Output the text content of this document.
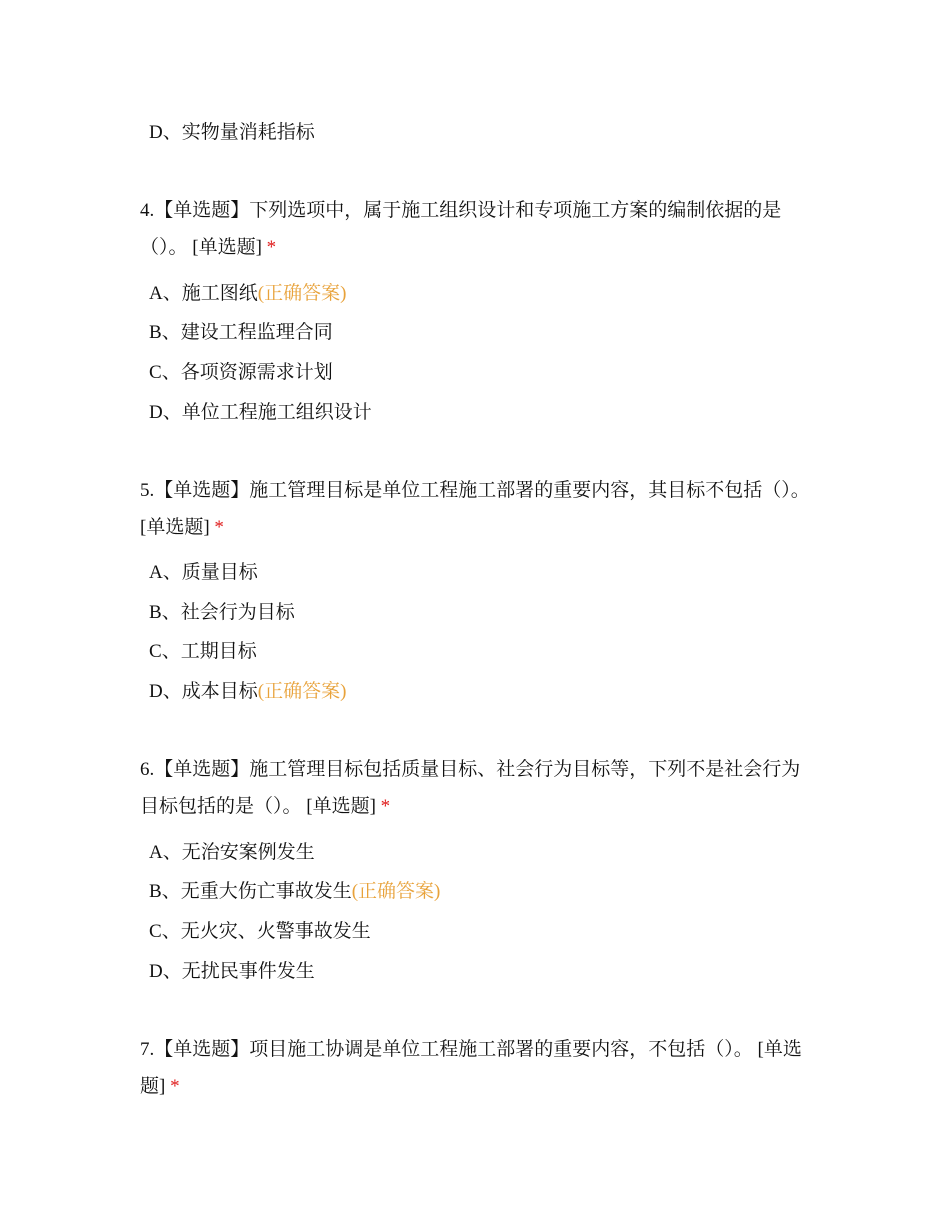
D、实物量消耗指标
4.【单选题】下列选项中，属于施工组织设计和专项施工方案的编制依据的是（）。 [单选题] *
A、施工图纸(正确答案)
B、建设工程监理合同
C、各项资源需求计划
D、单位工程施工组织设计
5.【单选题】施工管理目标是单位工程施工部署的重要内容，其目标不包括（）。 [单选题] *
A、质量目标
B、社会行为目标
C、工期目标
D、成本目标(正确答案)
6.【单选题】施工管理目标包括质量目标、社会行为目标等，下列不是社会行为目标包括的是（）。 [单选题] *
A、无治安案例发生
B、无重大伤亡事故发生(正确答案)
C、无火灾、火警事故发生
D、无扰民事件发生
7.【单选题】项目施工协调是单位工程施工部署的重要内容，不包括（）。 [单选题] *
